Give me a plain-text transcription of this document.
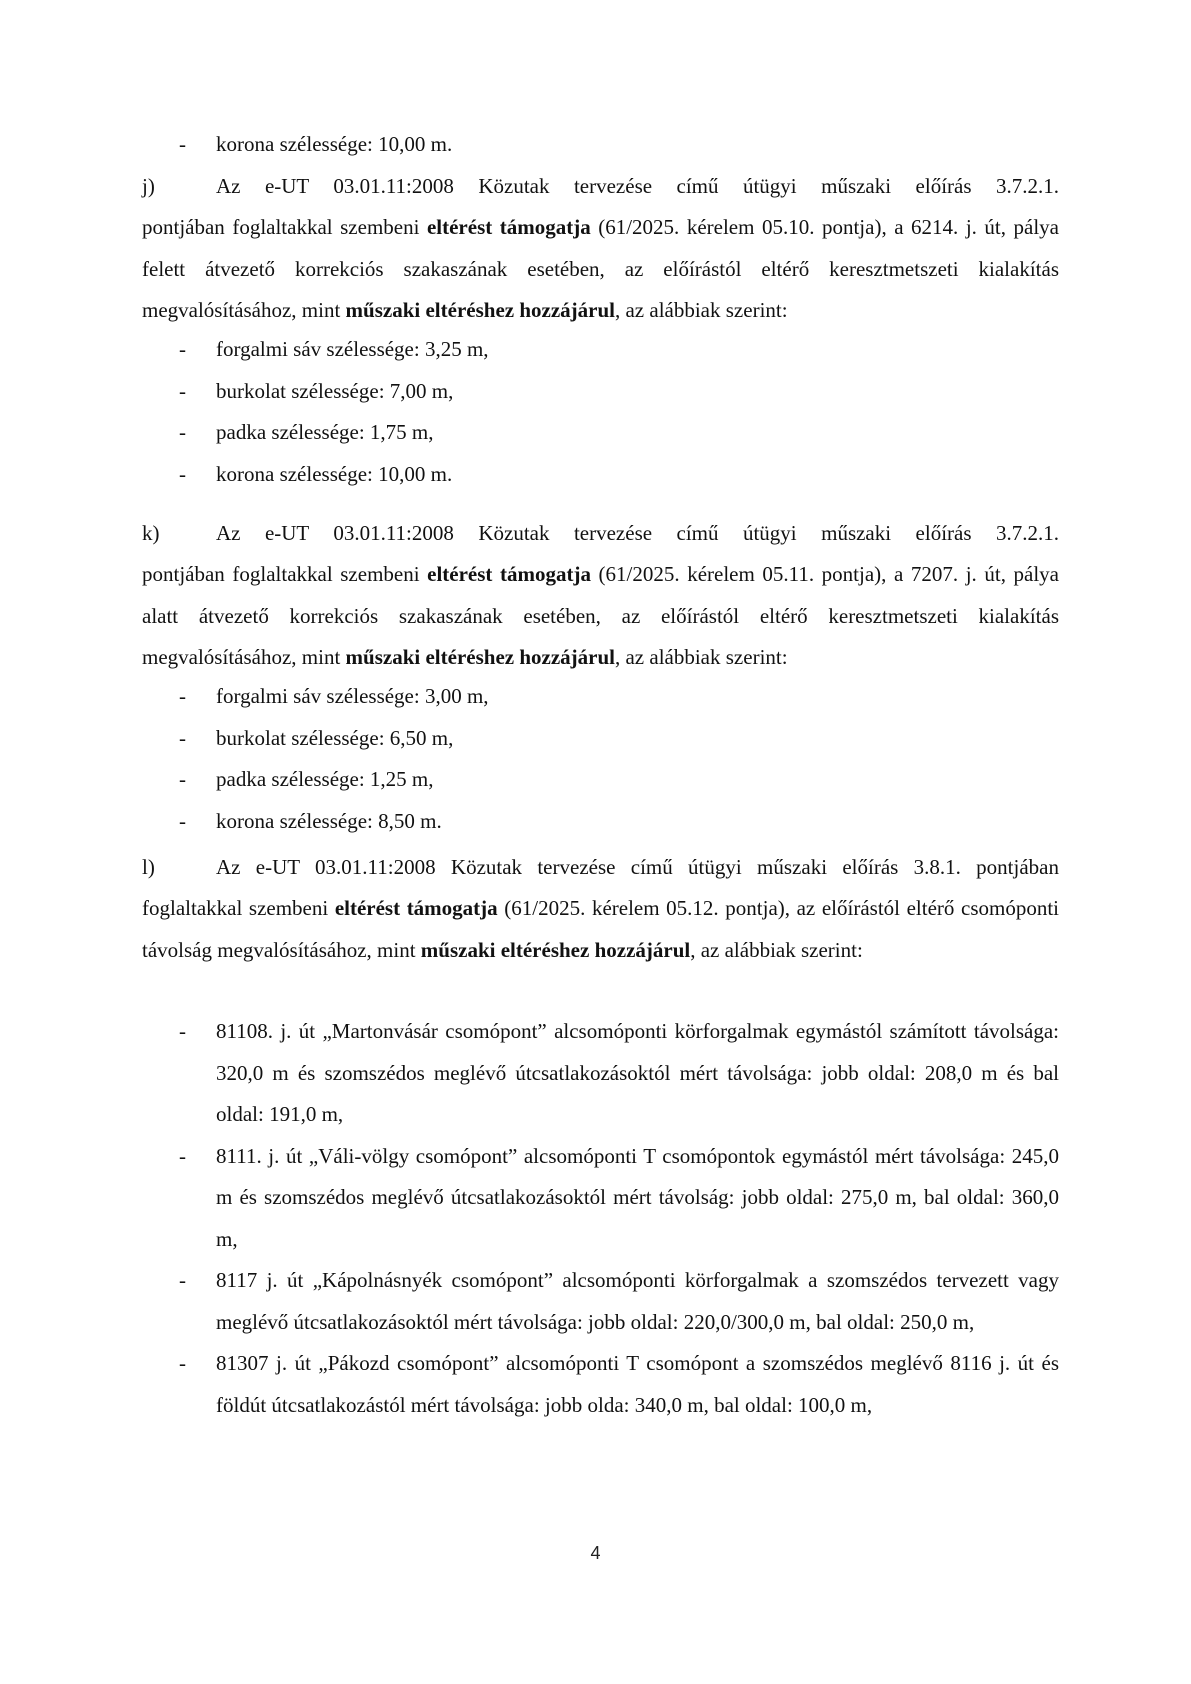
- korona szélessége: 10,00 m.
j)	Az e-UT 03.01.11:2008 Közutak tervezése című útügyi műszaki előírás 3.7.2.1.
pontjában foglaltakkal szembeni eltérést támogatja (61/2025. kérelem 05.10. pontja), a 6214. j. út, pálya felett átvezető korrekciós szakaszának esetében, az előírástól eltérő keresztmetszeti kialakítás megvalósításához, mint műszaki eltéréshez hozzájárul, az alábbiak szerint:
- forgalmi sáv szélessége: 3,25 m,
- burkolat szélessége: 7,00 m,
- padka szélessége: 1,75 m,
- korona szélessége: 10,00 m.
k)	Az e-UT 03.01.11:2008 Közutak tervezése című útügyi műszaki előírás 3.7.2.1.
pontjában foglaltakkal szembeni eltérést támogatja (61/2025. kérelem 05.11. pontja), a 7207. j. út, pálya alatt átvezető korrekciós szakaszának esetében, az előírástól eltérő keresztmetszeti kialakítás megvalósításához, mint műszaki eltéréshez hozzájárul, az alábbiak szerint:
- forgalmi sáv szélessége: 3,00 m,
- burkolat szélessége: 6,50 m,
- padka szélessége: 1,25 m,
- korona szélessége: 8,50 m.
l)	Az e-UT 03.01.11:2008 Közutak tervezése című útügyi műszaki előírás 3.8.1. pontjában
foglaltakkal szembeni eltérést támogatja (61/2025. kérelem 05.12. pontja), az előírástól eltérő csomóponti távolság megvalósításához, mint műszaki eltéréshez hozzájárul, az alábbiak szerint:
- 81108. j. út „Martonvásár csomópont” alcsomóponti körforgalmak egymástól számított távolsága: 320,0 m és szomszédos meglévő útcsatlakozásoktól mért távolsága: jobb oldal: 208,0 m és bal oldal: 191,0 m,
- 8111. j. út „Váli-völgy csomópont” alcsomóponti T csomópontok egymástól mért távolsága: 245,0 m és szomszédos meglévő útcsatlakozásoktól mért távolság: jobb oldal: 275,0 m, bal oldal: 360,0 m,
- 8117 j. út „Kápolnásnyék csomópont” alcsomóponti körforgalmak a szomszédos tervezett vagy meglévő útcsatlakozásoktól mért távolsága: jobb oldal: 220,0/300,0 m, bal oldal: 250,0 m,
- 81307 j. út „Pákozd csomópont” alcsomóponti T csomópont a szomszédos meglévő 8116 j. út és földút útcsatlakozástól mért távolsága: jobb olda: 340,0 m, bal oldal: 100,0 m,
4
